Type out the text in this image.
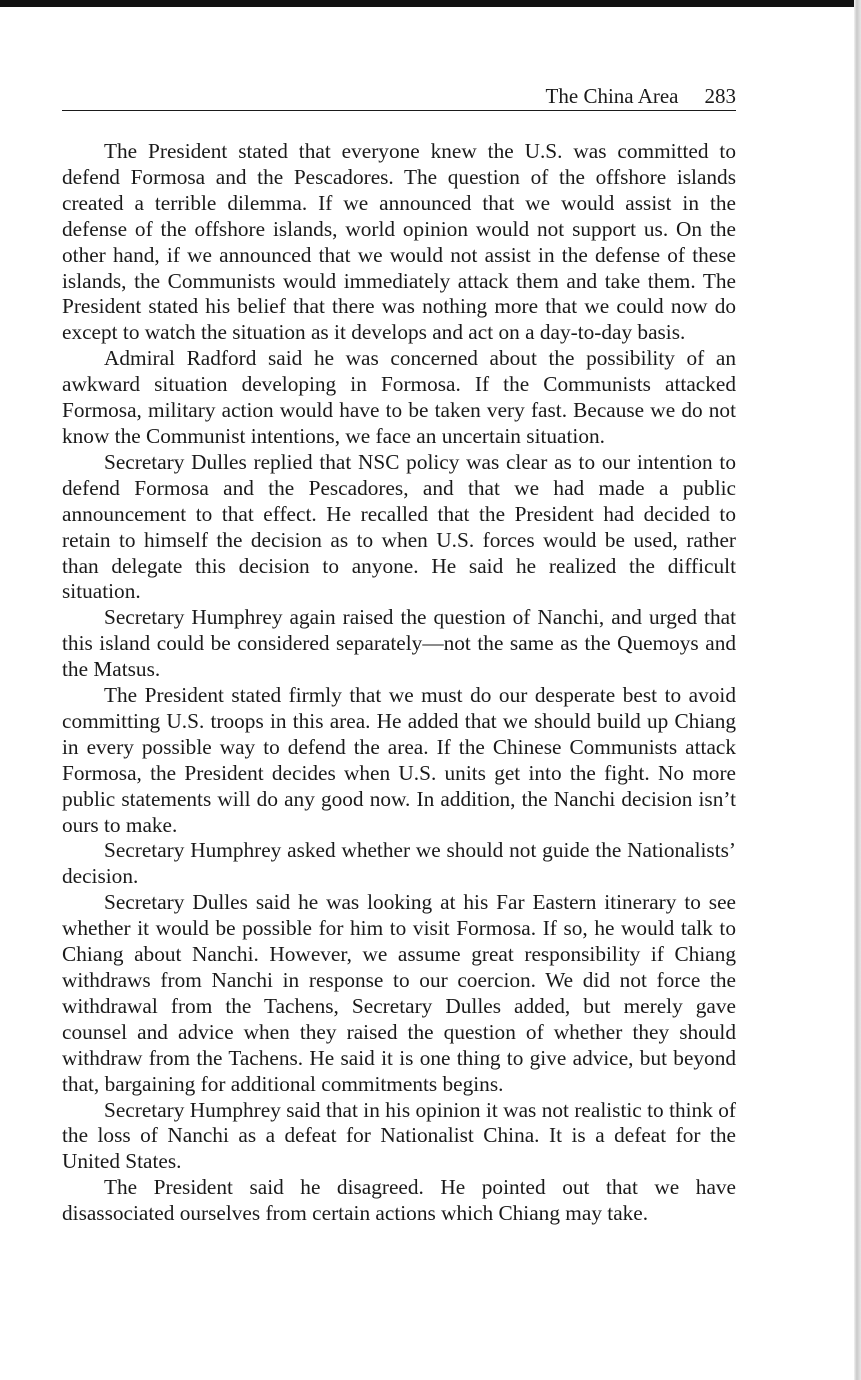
The China Area 283

The President stated that everyone knew the U.S. was committed to defend Formosa and the Pescadores. The question of the offshore islands created a terrible dilemma. If we announced that we would assist in the defense of the offshore islands, world opinion would not support us. On the other hand, if we announced that we would not assist in the defense of these islands, the Communists would immediately attack them and take them. The President stated his belief that there was nothing more that we could now do except to watch the situation as it develops and act on a day-to-day basis.

Admiral Radford said he was concerned about the possibility of an awkward situation developing in Formosa. If the Communists attacked Formosa, military action would have to be taken very fast. Because we do not know the Communist intentions, we face an uncertain situation.

Secretary Dulles replied that NSC policy was clear as to our intention to defend Formosa and the Pescadores, and that we had made a public announcement to that effect. He recalled that the President had decided to retain to himself the decision as to when U.S. forces would be used, rather than delegate this decision to anyone. He said he realized the difficult situation.

Secretary Humphrey again raised the question of Nanchi, and urged that this island could be considered separately—not the same as the Quemoys and the Matsus.

The President stated firmly that we must do our desperate best to avoid committing U.S. troops in this area. He added that we should build up Chiang in every possible way to defend the area. If the Chinese Communists attack Formosa, the President decides when U.S. units get into the fight. No more public statements will do any good now. In addition, the Nanchi decision isn’t ours to make.

Secretary Humphrey asked whether we should not guide the Nationalists’ decision.

Secretary Dulles said he was looking at his Far Eastern itinerary to see whether it would be possible for him to visit Formosa. If so, he would talk to Chiang about Nanchi. However, we assume great responsibility if Chiang withdraws from Nanchi in response to our coercion. We did not force the withdrawal from the Tachens, Secretary Dulles added, but merely gave counsel and advice when they raised the question of whether they should withdraw from the Tachens. He said it is one thing to give advice, but beyond that, bargaining for additional commitments begins.

Secretary Humphrey said that in his opinion it was not realistic to think of the loss of Nanchi as a defeat for Nationalist China. It is a defeat for the United States.

The President said he disagreed. He pointed out that we have disassociated ourselves from certain actions which Chiang may take.
